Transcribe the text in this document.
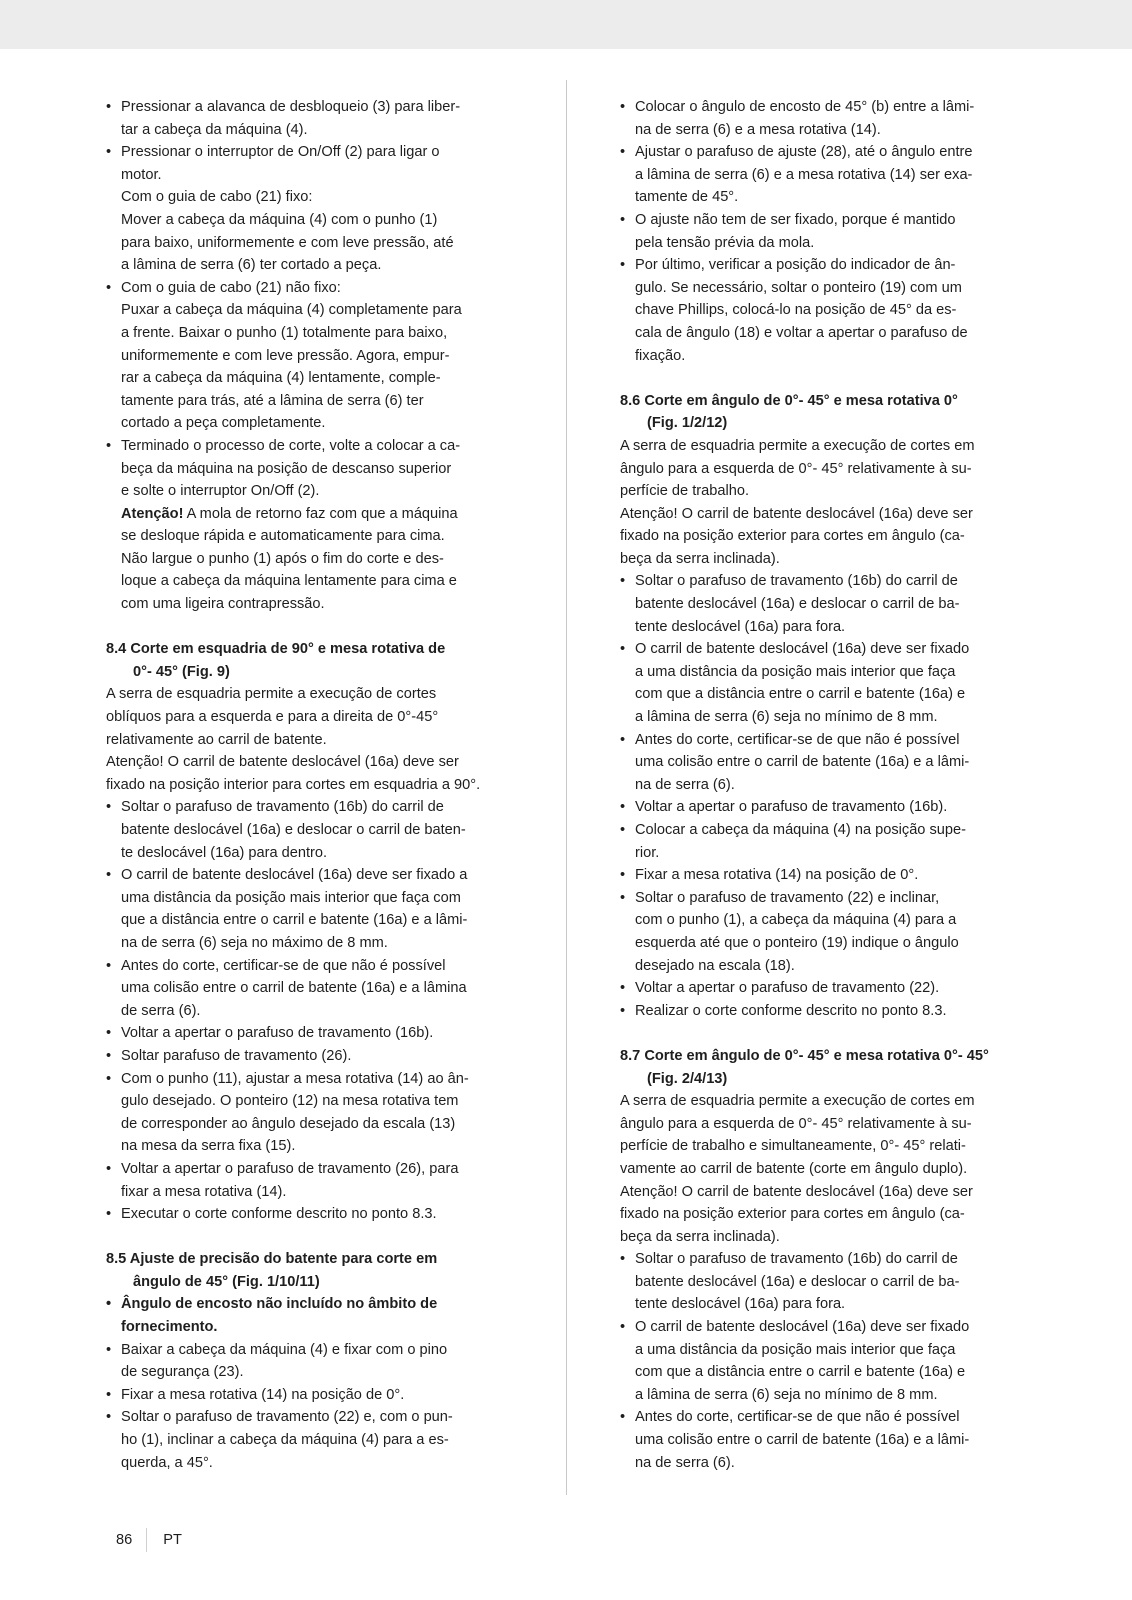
• Pressionar a alavanca de desbloqueio (3) para liber-
tar a cabeça da máquina (4).
• Pressionar o interruptor de On/Off (2) para ligar o
motor.
Com o guia de cabo (21) fixo:
Mover a cabeça da máquina (4) com o punho (1)
para baixo, uniformemente e com leve pressão, até
a lâmina de serra (6) ter cortado a peça.
• Com o guia de cabo (21) não fixo:
Puxar a cabeça da máquina (4) completamente para
a frente. Baixar o punho (1) totalmente para baixo,
uniformemente e com leve pressão. Agora, empur-
rar a cabeça da máquina (4) lentamente, comple-
tamente para trás, até a lâmina de serra (6) ter
cortado a peça completamente.
• Terminado o processo de corte, volte a colocar a ca-
beça da máquina na posição de descanso superior
e solte o interruptor On/Off (2).
Atenção! A mola de retorno faz com que a máquina
se desloque rápida e automaticamente para cima.
Não largue o punho (1) após o fim do corte e des-
loque a cabeça da máquina lentamente para cima e
com uma ligeira contrapressão.
8.4 Corte em esquadria de 90° e mesa rotativa de
0°- 45° (Fig. 9)
A serra de esquadria permite a execução de cortes
oblíquos para a esquerda e para a direita de 0°-45°
relativamente ao carril de batente.
Atenção! O carril de batente deslocável (16a) deve ser
fixado na posição interior para cortes em esquadria a 90°.
• Soltar o parafuso de travamento (16b) do carril de
batente deslocável (16a) e deslocar o carril de baten-
te deslocável (16a) para dentro.
• O carril de batente deslocável (16a) deve ser fixado a
uma distância da posição mais interior que faça com
que a distância entre o carril e batente (16a) e a lâmi-
na de serra (6) seja no máximo de 8 mm.
• Antes do corte, certificar-se de que não é possível
uma colisão entre o carril de batente (16a) e a lâmina
de serra (6).
• Voltar a apertar o parafuso de travamento (16b).
• Soltar parafuso de travamento (26).
• Com o punho (11), ajustar a mesa rotativa (14) ao ân-
gulo desejado. O ponteiro (12) na mesa rotativa tem
de corresponder ao ângulo desejado da escala (13)
na mesa da serra fixa (15).
• Voltar a apertar o parafuso de travamento (26), para
fixar a mesa rotativa (14).
• Executar o corte conforme descrito no ponto 8.3.
8.5 Ajuste de precisão do batente para corte em
ângulo de 45° (Fig. 1/10/11)
• Ângulo de encosto não incluído no âmbito de
fornecimento.
• Baixar a cabeça da máquina (4) e fixar com o pino
de segurança (23).
• Fixar a mesa rotativa (14) na posição de 0°.
• Soltar o parafuso de travamento (22) e, com o pun-
ho (1), inclinar a cabeça da máquina (4) para a es-
querda, a 45°.
• Colocar o ângulo de encosto de 45° (b) entre a lâmi-
na de serra (6) e a mesa rotativa (14).
• Ajustar o parafuso de ajuste (28), até o ângulo entre
a lâmina de serra (6) e a mesa rotativa (14) ser exa-
tamente de 45°.
• O ajuste não tem de ser fixado, porque é mantido
pela tensão prévia da mola.
• Por último, verificar a posição do indicador de ân-
gulo. Se necessário, soltar o ponteiro (19) com um
chave Phillips, colocá-lo na posição de 45° da es-
cala de ângulo (18) e voltar a apertar o parafuso de
fixação.
8.6 Corte em ângulo de 0°- 45° e mesa rotativa 0°
(Fig. 1/2/12)
A serra de esquadria permite a execução de cortes em
ângulo para a esquerda de 0°- 45° relativamente à su-
perfície de trabalho.
Atenção! O carril de batente deslocável (16a) deve ser
fixado na posição exterior para cortes em ângulo (ca-
beça da serra inclinada).
• Soltar o parafuso de travamento (16b) do carril de
batente deslocável (16a) e deslocar o carril de ba-
tente deslocável (16a) para fora.
• O carril de batente deslocável (16a) deve ser fixado
a uma distância da posição mais interior que faça
com que a distância entre o carril e batente (16a) e
a lâmina de serra (6) seja no mínimo de 8 mm.
• Antes do corte, certificar-se de que não é possível
uma colisão entre o carril de batente (16a) e a lâmi-
na de serra (6).
• Voltar a apertar o parafuso de travamento (16b).
• Colocar a cabeça da máquina (4) na posição supe-
rior.
• Fixar a mesa rotativa (14) na posição de 0°.
• Soltar o parafuso de travamento (22) e inclinar,
com o punho (1), a cabeça da máquina (4) para a
esquerda até que o ponteiro (19) indique o ângulo
desejado na escala (18).
• Voltar a apertar o parafuso de travamento (22).
• Realizar o corte conforme descrito no ponto 8.3.
8.7 Corte em ângulo de 0°- 45° e mesa rotativa 0°- 45°
(Fig. 2/4/13)
A serra de esquadria permite a execução de cortes em
ângulo para a esquerda de 0°- 45° relativamente à su-
perfície de trabalho e simultaneamente, 0°- 45° relati-
vamente ao carril de batente (corte em ângulo duplo).
Atenção! O carril de batente deslocável (16a) deve ser
fixado na posição exterior para cortes em ângulo (ca-
beça da serra inclinada).
• Soltar o parafuso de travamento (16b) do carril de
batente deslocável (16a) e deslocar o carril de ba-
tente deslocável (16a) para fora.
• O carril de batente deslocável (16a) deve ser fixado
a uma distância da posição mais interior que faça
com que a distância entre o carril e batente (16a) e
a lâmina de serra (6) seja no mínimo de 8 mm.
• Antes do corte, certificar-se de que não é possível
uma colisão entre o carril de batente (16a) e a lâmi-
na de serra (6).
86	PT
